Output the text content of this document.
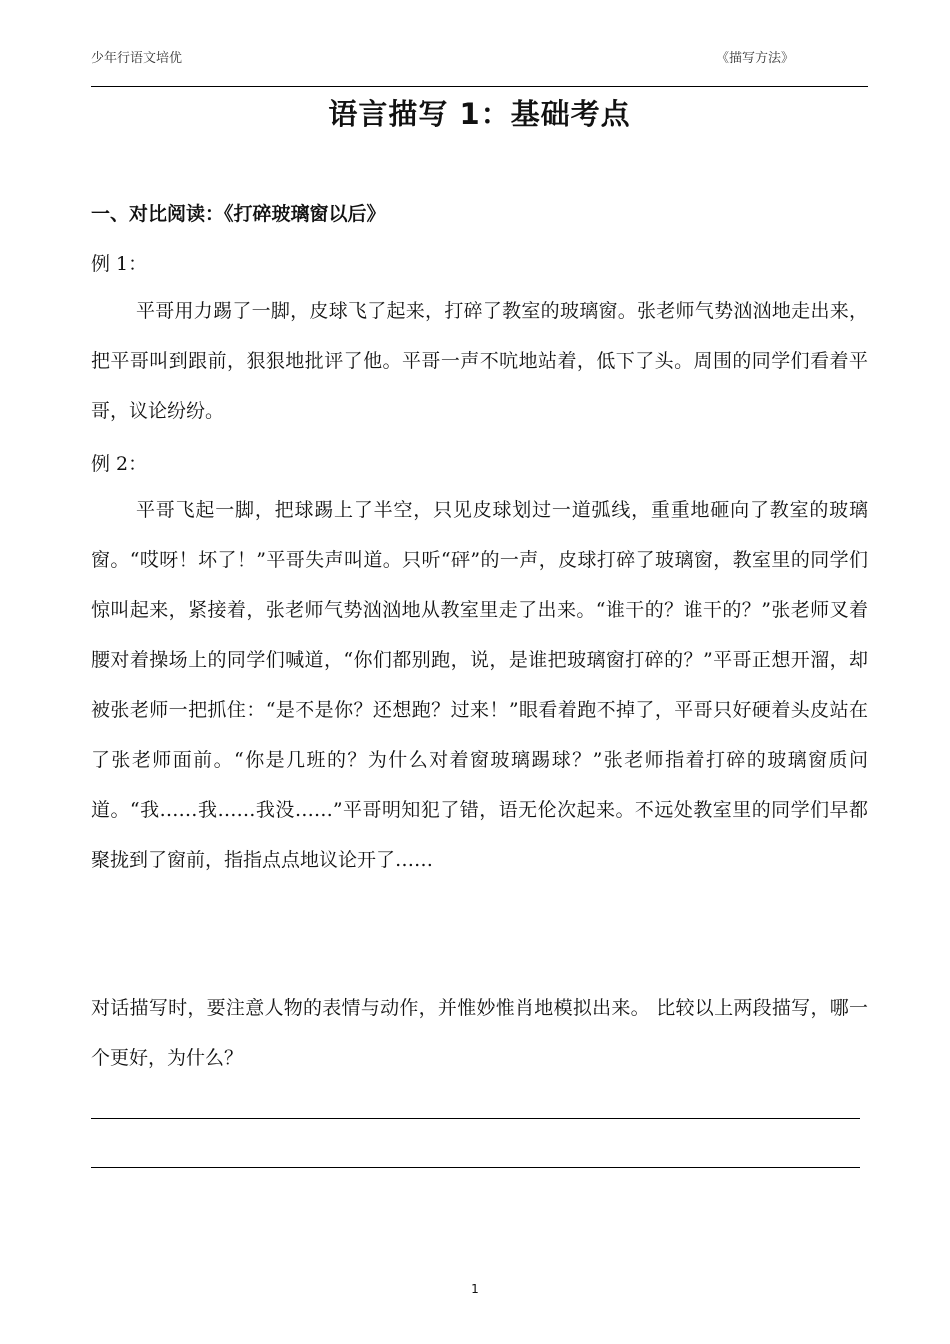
少年行语文培优	《描写方法》
语言描写 1：基础考点
一、对比阅读：《打碎玻璃窗以后》
例 1：

平哥用力踢了一脚，皮球飞了起来，打碎了教室的玻璃窗。张老师气势汹汹地走出来，把平哥叫到跟前，狠狠地批评了他。平哥一声不吭地站着，低下了头。周围的同学们看着平哥，议论纷纷。

例 2：

平哥飞起一脚，把球踢上了半空，只见皮球划过一道弧线，重重地砸向了教室的玻璃窗。“哎呀！坏了！”平哥失声叫道。只听“砰”的一声，皮球打碎了玻璃窗，教室里的同学们惊叫起来，紧接着，张老师气势汹汹地从教室里走了出来。“谁干的？谁干的？”张老师叉着腰对着操场上的同学们喊道，“你们都别跑，说，是谁把玻璃窗打碎的？”平哥正想开溜，却被张老师一把抓住：“是不是你？还想跑？过来！”眼看着跑不掉了，平哥只好硬着头皮站在了张老师面前。“你是几班的？为什么对着窗玻璃踢球？”张老师指着打碎的玻璃窗质问道。“我……我……我没……”平哥明知犯了错，语无伦次起来。不远处教室里的同学们早都聚拢到了窗前，指指点点地议论开了……

对话描写时，要注意人物的表情与动作，并惟妙惟肖地模拟出来。 比较以上两段描写，哪一个更好，为什么？

1
